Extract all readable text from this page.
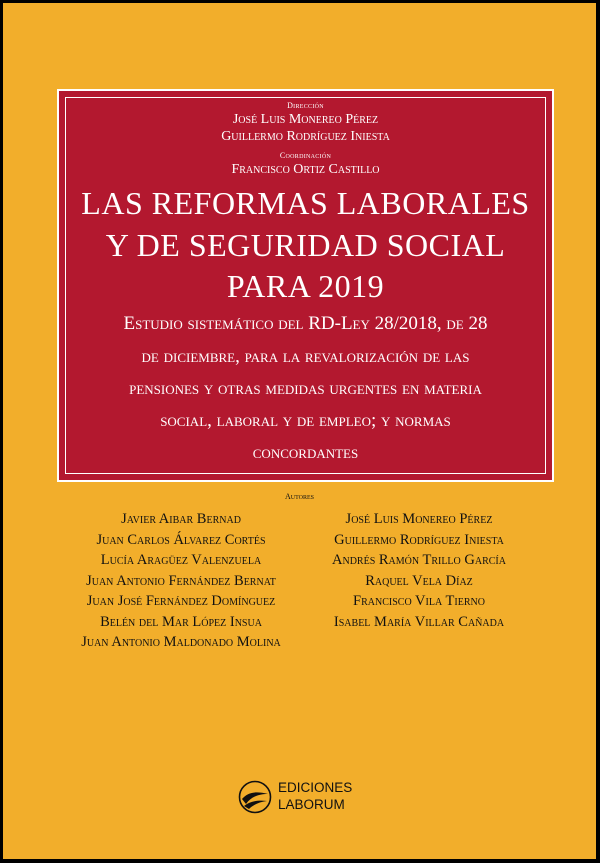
Dirección
José Luis Monereo Pérez
Guillermo Rodríguez Iniesta
Coordinación
Francisco Ortiz Castillo
LAS REFORMAS LABORALES
Y DE SEGURIDAD SOCIAL
PARA 2019
Estudio sistemático del RD-Ley 28/2018, de 28
de diciembre, para la revalorización de las
pensiones y otras medidas urgentes en materia
social, laboral y de empleo; y normas
concordantes
Autores
Javier Aibar Bernad
Juan Carlos Álvarez Cortés
Lucía Aragüez Valenzuela
Juan Antonio Fernández Bernat
Juan José Fernández Domínguez
Belén del Mar López Insua
Juan Antonio Maldonado Molina
José Luis Monereo Pérez
Guillermo Rodríguez Iniesta
Andrés Ramón Trillo García
Raquel Vela Díaz
Francisco Vila Tierno
Isabel María Villar Cañada
EDICIONES
LABORUM
